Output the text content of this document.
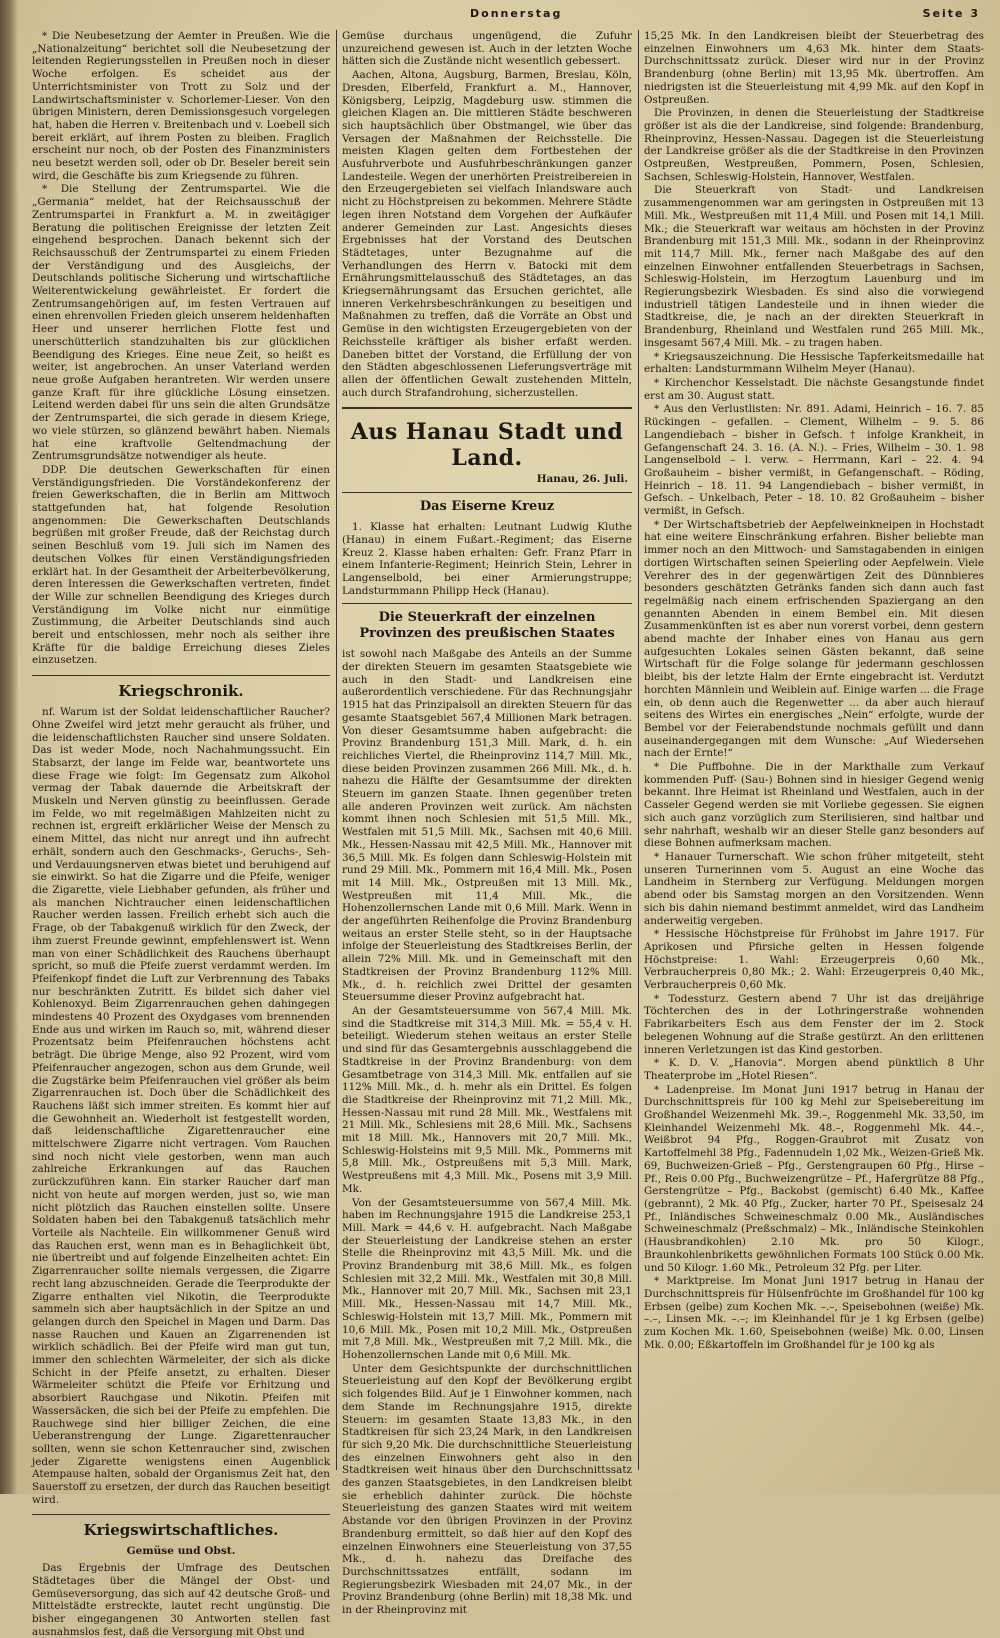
Donnerstag	Seite 3

* Die Neubesetzung der Aemter in Preußen. Wie die „Nationalzeitung“ berichtet soll die Neubesetzung der leitenden Regierungsstellen in Preußen noch in dieser Woche erfolgen. Es scheidet aus der Unterrichtsminister von Trott zu Solz und der Landwirtschaftsminister v. Schorlemer-Lieser. Von den übrigen Ministern, deren Demissionsgesuch vorgelegen hat, haben die Herren v. Breitenbach und v. Loebell sich bereit erklärt, auf ihrem Posten zu bleiben. Fraglich erscheint nur noch, ob der Posten des Finanzministers neu besetzt werden soll, oder ob Dr. Beseler bereit sein wird, die Geschäfte bis zum Kriegsende zu führen.

* Die Stellung der Zentrumspartei. Wie die „Germania“ meldet, hat der Reichsausschuß der Zentrumspartei in Frankfurt a. M. in zweitägiger Beratung die politischen Ereignisse der letzten Zeit eingehend besprochen. Danach bekennt sich der Reichsausschuß der Zentrumspartei zu einem Frieden der Verständigung und des Ausgleichs, der Deutschlands politische Sicherung und wirtschaftliche Weiterentwickelung gewährleistet. Er fordert die Zentrumsangehörigen auf, im festen Vertrauen auf einen ehrenvollen Frieden gleich unserem heldenhaften Heer und unserer herrlichen Flotte fest und unerschütterlich standzuhalten bis zur glücklichen Beendigung des Krieges. Eine neue Zeit, so heißt es weiter, ist angebrochen. An unser Vaterland werden neue große Aufgaben herantreten. Wir werden unsere ganze Kraft für ihre glückliche Lösung einsetzen. Leitend werden dabei für uns sein die alten Grundsätze der Zentrumspartei, die sich gerade in diesem Kriege, wo viele stürzen, so glänzend bewährt haben. Niemals hat eine kraftvolle Geltendmachung der Zentrumsgrundsätze notwendiger als heute.

DDP. Die deutschen Gewerkschaften für einen Verständigungsfrieden. Die Vorständekonferenz der freien Gewerkschaften, die in Berlin am Mittwoch stattgefunden hat, hat folgende Resolution angenommen: Die Gewerkschaften Deutschlands begrüßen mit großer Freude, daß der Reichstag durch seinen Beschluß vom 19. Juli sich im Namen des deutschen Volkes für einen Verständigungsfrieden erklärt hat. In der Gesamtheit der Arbeiterbevölkerung, deren Interessen die Gewerkschaften vertreten, findet der Wille zur schnellen Beendigung des Krieges durch Verständigung im Volke nicht nur einmütige Zustimmung, die Arbeiter Deutschlands sind auch bereit und entschlossen, mehr noch als seither ihre Kräfte für die baldige Erreichung dieses Zieles einzusetzen.

Kriegschronik.

nf. Warum ist der Soldat leidenschaftlicher Raucher? Ohne Zweifel wird jetzt mehr geraucht als früher, und die leidenschaftlichsten Raucher sind unsere Soldaten. Das ist weder Mode, noch Nachahmungssucht. Ein Stabsarzt, der lange im Felde war, beantwortete uns diese Frage wie folgt: Im Gegensatz zum Alkohol vermag der Tabak dauernde die Arbeitskraft der Muskeln und Nerven günstig zu beeinflussen. Gerade im Felde, wo mit regelmäßigen Mahlzeiten nicht zu rechnen ist, ergreift erklärlicher Weise der Mensch zu einem Mittel, das nicht nur anregt und ihn aufrecht erhält, sondern auch den Geschmacks-, Geruchs-, Seh- und Verdauungsnerven etwas bietet und beruhigend auf sie einwirkt. So hat die Zigarre und die Pfeife, weniger die Zigarette, viele Liebhaber gefunden, als früher und als manchen Nichtraucher einen leidenschaftlichen Raucher werden lassen. Freilich erhebt sich auch die Frage, ob der Tabakgenuß wirklich für den Zweck, der ihm zuerst Freunde gewinnt, empfehlenswert ist. Wenn man von einer Schädlichkeit des Rauchens überhaupt spricht, so muß die Pfeife zuerst verdammt werden. Im Pfeifenkopf findet die Luft zur Verbrennung des Tabaks nur beschränkten Zutritt. Es bildet sich daher viel Kohlenoxyd. Beim Zigarrenrauchen gehen dahingegen mindestens 40 Prozent des Oxydgases vom brennenden Ende aus und wirken im Rauch so, mit, während dieser Prozentsatz beim Pfeifenrauchen höchstens acht beträgt. Die übrige Menge, also 92 Prozent, wird vom Pfeifenraucher angezogen, schon aus dem Grunde, weil die Zugstärke beim Pfeifenrauchen viel größer als beim Zigarrenrauchen ist. Doch über die Schädlichkeit des Rauchens läßt sich immer streiten. Es kommt hier auf die Gewohnheit an. Wiederholt ist festgestellt worden, daß leidenschaftliche Zigarettenraucher eine mittelschwere Zigarre nicht vertragen. Vom Rauchen sind noch nicht viele gestorben, wenn man auch zahlreiche Erkrankungen auf das Rauchen zurückzuführen kann. Ein starker Raucher darf man nicht von heute auf morgen werden, just so, wie man nicht plötzlich das Rauchen einstellen sollte. Unsere Soldaten haben bei den Tabakgenuß tatsächlich mehr Vorteile als Nachteile. Ein willkommener Genuß wird das Rauchen erst, wenn man es in Behaglichkeit übt, nie übertreibt und auf folgende Einzelheiten achtet: Ein Zigarrenraucher sollte niemals vergessen, die Zigarre recht lang abzuschneiden. Gerade die Teerprodukte der Zigarre enthalten viel Nikotin, die Teerprodukte sammeln sich aber hauptsächlich in der Spitze an und gelangen durch den Speichel in Magen und Darm. Das nasse Rauchen und Kauen an Zigarrenenden ist wirklich schädlich. Bei der Pfeife wird man gut tun, immer den schlechten Wärmeleiter, der sich als dicke Schicht in der Pfeife ansetzt, zu erhalten. Dieser Wärmeleiter schützt die Pfeife vor Erhitzung und absorbiert Rauchgase und Nikotin. Pfeifen mit Wassersäcken, die sich bei der Pfeife zu empfehlen. Die Rauchwege sind hier billiger Zeichen, die eine Ueberanstrengung der Lunge. Zigarettenraucher sollten, wenn sie schon Kettenraucher sind, zwischen jeder Zigarette wenigstens einen Augenblick Atempause halten, sobald der Organismus Zeit hat, den Sauerstoff zu ersetzen, der durch das Rauchen beseitigt wird.

Kriegswirtschaftliches.
Gemüse und Obst.

Das Ergebnis der Umfrage des Deutschen Städtetages über die Mängel der Obst- und Gemüseversorgung, das sich auf 42 deutsche Groß- und Mittelstädte erstreckte, lautet recht ungünstig. Die bisher eingegangenen 30 Antworten stellen fast ausnahmslos fest, daß die Versorgung mit Obst und

Gemüse durchaus ungenügend, die Zufuhr unzureichend gewesen ist. Auch in der letzten Woche hätten sich die Zustände nicht wesentlich gebessert.

Aachen, Altona, Augsburg, Barmen, Breslau, Köln, Dresden, Elberfeld, Frankfurt a. M., Hannover, Königsberg, Leipzig, Magdeburg usw. stimmen die gleichen Klagen an. Die mittleren Städte beschweren sich hauptsächlich über Obstmangel, wie über das Versagen der Maßnahmen der Reichsstelle. Die meisten Klagen gelten dem Fortbestehen der Ausfuhrverbote und Ausfuhrbeschränkungen ganzer Landesteile. Wegen der unerhörten Preistreibereien in den Erzeugergebieten sei vielfach Inlandsware auch nicht zu Höchstpreisen zu bekommen. Mehrere Städte legen ihren Notstand dem Vorgehen der Aufkäufer anderer Gemeinden zur Last. Angesichts dieses Ergebnisses hat der Vorstand des Deutschen Städtetages, unter Bezugnahme auf die Verhandlungen des Herrn v. Batocki mit dem Ernährungsmittelausschuß des Städtetages, an das Kriegsernährungsamt das Ersuchen gerichtet, alle inneren Verkehrsbeschränkungen zu beseitigen und Maßnahmen zu treffen, daß die Vorräte an Obst und Gemüse in den wichtigsten Erzeugergebieten von der Reichsstelle kräftiger als bisher erfaßt werden. Daneben bittet der Vorstand, die Erfüllung der von den Städten abgeschlossenen Lieferungsverträge mit allen der öffentlichen Gewalt zustehenden Mitteln, auch durch Strafandrohung, sicherzustellen.

Aus Hanau Stadt und Land.
Hanau, 26. Juli.
Das Eiserne Kreuz

1. Klasse hat erhalten: Leutnant Ludwig Kluthe (Hanau) in einem Fußart.-Regiment; das Eiserne Kreuz 2. Klasse haben erhalten: Gefr. Franz Pfarr in einem Infanterie-Regiment; Heinrich Stein, Lehrer in Langenselbold, bei einer Armierungstruppe; Landsturmmann Philipp Heck (Hanau).

Die Steuerkraft der einzelnen Provinzen des preußischen Staates

ist sowohl nach Maßgabe des Anteils an der Summe der direkten Steuern im gesamten Staatsgebiete wie auch in den Stadt- und Landkreisen eine außerordentlich verschiedene. Für das Rechnungsjahr 1915 hat das Prinzipalsoll an direkten Steuern für das gesamte Staatsgebiet 567,4 Millionen Mark betragen. Von dieser Gesamtsumme haben aufgebracht: die Provinz Brandenburg 151,3 Mill. Mark, d. h. ein reichliches Viertel, die Rheinprovinz 114,7 Mill. Mk., diese beiden Provinzen zusammen 266 Mill. Mk., d. h. nahezu die Hälfte der Gesamtsumme der direkten Steuern im ganzen Staate. Ihnen gegenüber treten alle anderen Provinzen weit zurück. Am nächsten kommt ihnen noch Schlesien mit 51,5 Mill. Mk., Westfalen mit 51,5 Mill. Mk., Sachsen mit 40,6 Mill. Mk., Hessen-Nassau mit 42,5 Mill. Mk., Hannover mit 36,5 Mill. Mk. Es folgen dann Schleswig-Holstein mit rund 29 Mill. Mk., Pommern mit 16,4 Mill. Mk., Posen mit 14 Mill. Mk., Ostpreußen mit 13 Mill. Mk., Westpreußen mit 11,4 Mill. Mk., die Hohenzollernschen Lande mit 0,6 Mill. Mark. Wenn in der angeführten Reihenfolge die Provinz Brandenburg weitaus an erster Stelle steht, so in der Hauptsache infolge der Steuerleistung des Stadtkreises Berlin, der allein 72% Mill. Mk. und in Gemeinschaft mit den Stadtkreisen der Provinz Brandenburg 112% Mill. Mk., d. h. reichlich zwei Drittel der gesamten Steuersumme dieser Provinz aufgebracht hat.

An der Gesamtsteuersumme von 567,4 Mill. Mk. sind die Stadtkreise mit 314,3 Mill. Mk. = 55,4 v. H. beteiligt. Wiederum stehen weitaus an erster Stelle und sind für das Gesamtergebnis ausschlaggebend die Stadtkreise in der Provinz Brandenburg: von dem Gesamtbetrage von 314,3 Mill. Mk. entfallen auf sie 112% Mill. Mk., d. h. mehr als ein Drittel. Es folgen die Stadtkreise der Rheinprovinz mit 71,2 Mill. Mk., Hessen-Nassau mit rund 28 Mill. Mk., Westfalens mit 21 Mill. Mk., Schlesiens mit 28,6 Mill. Mk., Sachsens mit 18 Mill. Mk., Hannovers mit 20,7 Mill. Mk., Schleswig-Holsteins mit 9,5 Mill. Mk., Pommerns mit 5,8 Mill. Mk., Ostpreußens mit 5,3 Mill. Mark, Westpreußens mit 4,3 Mill. Mk., Posens mit 3,9 Mill. Mk.

Von der Gesamtsteuersumme von 567,4 Mill. Mk. haben im Rechnungsjahre 1915 die Landkreise 253,1 Mill. Mark = 44,6 v. H. aufgebracht. Nach Maßgabe der Steuerleistung der Landkreise stehen an erster Stelle die Rheinprovinz mit 43,5 Mill. Mk. und die Provinz Brandenburg mit 38,6 Mill. Mk., es folgen Schlesien mit 32,2 Mill. Mk., Westfalen mit 30,8 Mill. Mk., Hannover mit 20,7 Mill. Mk., Sachsen mit 23,1 Mill. Mk., Hessen-Nassau mit 14,7 Mill. Mk., Schleswig-Holstein mit 13,7 Mill. Mk., Pommern mit 10,6 Mill. Mk., Posen mit 10,2 Mill. Mk., Ostpreußen mit 7,8 Mill. Mk., Westpreußen mit 7,2 Mill. Mk., die Hohenzollernschen Lande mit 0,6 Mill. Mk.

Unter dem Gesichtspunkte der durchschnittlichen Steuerleistung auf den Kopf der Bevölkerung ergibt sich folgendes Bild. Auf je 1 Einwohner kommen, nach dem Stande im Rechnungsjahre 1915, direkte Steuern: im gesamten Staate 13,83 Mk., in den Stadtkreisen für sich 23,24 Mark, in den Landkreisen für sich 9,20 Mk. Die durchschnittliche Steuerleistung des einzelnen Einwohners geht also in den Stadtkreisen weit hinaus über den Durchschnittssatz des ganzen Staatsgebietes, in den Landkreisen bleibt sie erheblich dahinter zurück. Die höchste Steuerleistung des ganzen Staates wird mit weitem Abstande vor den übrigen Provinzen in der Provinz Brandenburg ermittelt, so daß hier auf den Kopf des einzelnen Einwohners eine Steuerleistung von 37,55 Mk., d. h. nahezu das Dreifache des Durchschnittssatzes entfällt, sodann im Regierungsbezirk Wiesbaden mit 24,07 Mk., in der Provinz Brandenburg (ohne Berlin) mit 18,38 Mk. und in der Rheinprovinz mit

15,25 Mk. In den Landkreisen bleibt der Steuerbetrag des einzelnen Einwohners um 4,63 Mk. hinter dem Staats-Durchschnittssatz zurück. Dieser wird nur in der Provinz Brandenburg (ohne Berlin) mit 13,95 Mk. übertroffen. Am niedrigsten ist die Steuerleistung mit 4,99 Mk. auf den Kopf in Ostpreußen.

Die Provinzen, in denen die Steuerleistung der Stadtkreise größer ist als die der Landkreise, sind folgende: Brandenburg, Rheinprovinz, Hessen-Nassau. Dagegen ist die Steuerleistung der Landkreise größer als die der Stadtkreise in den Provinzen Ostpreußen, Westpreußen, Pommern, Posen, Schlesien, Sachsen, Schleswig-Holstein, Hannover, Westfalen.

Die Steuerkraft von Stadt- und Landkreisen zusammengenommen war am geringsten in Ostpreußen mit 13 Mill. Mk., Westpreußen mit 11,4 Mill. und Posen mit 14,1 Mill. Mk.; die Steuerkraft war weitaus am höchsten in der Provinz Brandenburg mit 151,3 Mill. Mk., sodann in der Rheinprovinz mit 114,7 Mill. Mk., ferner nach Maßgabe des auf den einzelnen Einwohner entfallenden Steuerbetrags in Sachsen, Schleswig-Holstein, im Herzogtum Lauenburg und im Regierungsbezirk Wiesbaden. Es sind also die vorwiegend industriell tätigen Landesteile und in ihnen wieder die Stadtkreise, die, je nach an der direkten Steuerkraft in Brandenburg, Rheinland und Westfalen rund 265 Mill. Mk., insgesamt 567,4 Mill. Mk. – zu tragen haben.

* Kriegsauszeichnung. Die Hessische Tapferkeitsmedaille hat erhalten: Landsturmmann Wilhelm Meyer (Hanau).

* Kirchenchor Kesselstadt. Die nächste Gesangstunde findet erst am 30. August statt.

* Aus den Verlustlisten: Nr. 891. Adami, Heinrich – 16. 7. 85 Rückingen – gefallen. – Clement, Wilhelm – 9. 5. 86 Langendiebach – bisher in Gefsch. † infolge Krankheit, in Gefangenschaft 24. 3. 16. (A. N.). – Fries, Wilhelm – 30. 1. 98 Langenselbold – l. verw. – Herrmann, Karl – 22. 4. 94 Großauheim – bisher vermißt, in Gefangenschaft. – Röding, Heinrich – 18. 11. 94 Langendiebach – bisher vermißt, in Gefsch. – Unkelbach, Peter – 18. 10. 82 Großauheim – bisher vermißt, in Gefsch.

* Der Wirtschaftsbetrieb der Aepfelweinkneipen in Hochstadt hat eine weitere Einschränkung erfahren. Bisher beliebte man immer noch an den Mittwoch- und Samstagabenden in einigen dortigen Wirtschaften seinen Speierling oder Aepfelwein. Viele Verehrer des in der gegenwärtigen Zeit des Dünnbieres besonders geschätzten Getränks fanden sich dann auch fast regelmäßig nach einem erfrischenden Spaziergang an den genannten Abenden in einem Bembel ein. Mit diesen Zusammenkünften ist es aber nun vorerst vorbei, denn gestern abend machte der Inhaber eines von Hanau aus gern aufgesuchten Lokales seinen Gästen bekannt, daß seine Wirtschaft für die Folge solange für jedermann geschlossen bleibt, bis der letzte Halm der Ernte eingebracht ist. Verdutzt horchten Männlein und Weiblein auf. Einige warfen ... die Frage ein, ob denn auch die Regenwetter ... da aber auch hierauf seitens des Wirtes ein energisches „Nein“ erfolgte, wurde der Bembel vor der Feierabendstunde nochmals gefüllt und dann auseinandergegangen mit dem Wunsche: „Auf Wiedersehen nach der Ernte!“

* Die Puffbohne. Die in der Markthalle zum Verkauf kommenden Puff- (Sau-) Bohnen sind in hiesiger Gegend wenig bekannt. Ihre Heimat ist Rheinland und Westfalen, auch in der Casseler Gegend werden sie mit Vorliebe gegessen. Sie eignen sich auch ganz vorzüglich zum Sterilisieren, sind haltbar und sehr nahrhaft, weshalb wir an dieser Stelle ganz besonders auf diese Bohnen aufmerksam machen.

* Hanauer Turnerschaft. Wie schon früher mitgeteilt, steht unseren Turnerinnen vom 5. August an eine Woche das Landheim in Sternberg zur Verfügung. Meldungen morgen abend oder bis Samstag morgen an den Vorsitzenden. Wenn sich bis dahin niemand bestimmt anmeldet, wird das Landheim anderweitig vergeben.

* Hessische Höchstpreise für Frühobst im Jahre 1917. Für Aprikosen und Pfirsiche gelten in Hessen folgende Höchstpreise: 1. Wahl: Erzeugerpreis 0,60 Mk., Verbraucherpreis 0,80 Mk.; 2. Wahl: Erzeugerpreis 0,40 Mk., Verbraucherpreis 0,60 Mk.

* Todessturz. Gestern abend 7 Uhr ist das dreijährige Töchterchen des in der Lothringerstraße wohnenden Fabrikarbeiters Esch aus dem Fenster der im 2. Stock belegenen Wohnung auf die Straße gestürzt. An den erlittenen inneren Verletzungen ist das Kind gestorben.

* K. D. V. „Hanovia“. Morgen abend pünktlich 8 Uhr Theaterprobe im „Hotel Riesen“.

* Ladenpreise. Im Monat Juni 1917 betrug in Hanau der Durchschnittspreis für 100 kg Mehl zur Speisebereitung im Großhandel Weizenmehl Mk. 39.–, Roggenmehl Mk. 33,50, im Kleinhandel Weizenmehl Mk. 48.–, Roggenmehl Mk. 44.–, Weißbrot 94 Pfg., Roggen-Graubrot mit Zusatz von Kartoffelmehl 38 Pfg., Fadennudeln 1,02 Mk., Weizen-Grieß Mk. 69, Buchweizen-Grieß – Pfg., Gerstengraupen 60 Pfg., Hirse – Pf., Reis 0.00 Pfg., Buchweizengrütze – Pf., Hafergrütze 88 Pfg., Gerstengrütze – Pfg., Backobst (gemischt) 6.40 Mk., Kaffee (gebrannt), 2 Mk. 40 Pfg., Zucker, harter 70 Pf., Speisesalz 24 Pf., Inländisches Schweineschmalz 0.00 Mk., Ausländisches Schweineschmalz (Preßschmalz) – Mk., Inländische Steinkohlen (Hausbrandkohlen) 2.10 Mk. pro 50 Kilogr., Braunkohlenbriketts gewöhnlichen Formats 100 Stück 0.00 Mk. und 50 Kilogr. 1.60 Mk., Petroleum 32 Pfg. per Liter.

* Marktpreise. Im Monat Juni 1917 betrug in Hanau der Durchschnittspreis für Hülsenfrüchte im Großhandel für 100 kg Erbsen (gelbe) zum Kochen Mk. –.–, Speisebohnen (weiße) Mk. –.–, Linsen Mk. –.–; im Kleinhandel für je 1 kg Erbsen (gelbe) zum Kochen Mk. 1.60, Speisebohnen (weiße) Mk. 0.00, Linsen Mk. 0.00; Eßkartoffeln im Großhandel für je 100 kg als
